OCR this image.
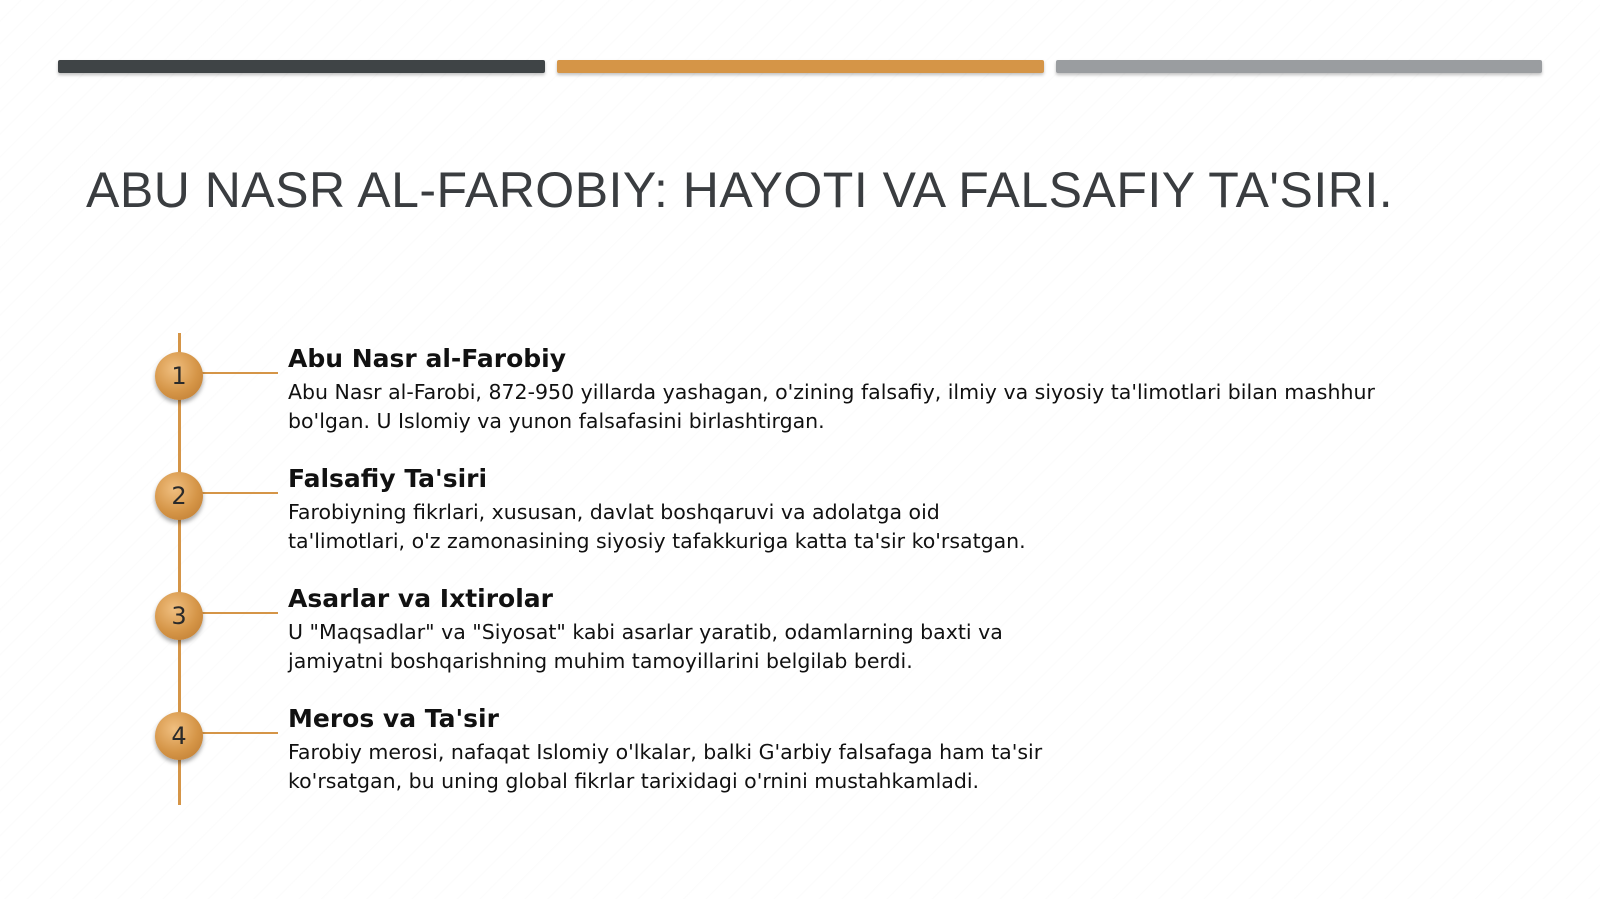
ABU NASR AL-FAROBIY: HAYOTI VA FALSAFIY TA'SIRI.
1
Abu Nasr al-Farobiy

Abu Nasr al-Farobi, 872-950 yillarda yashagan, o'zining falsafiy, ilmiy va siyosiy ta'limotlari bilan mashhur
bo'lgan. U Islomiy va yunon falsafasini birlashtirgan.

2
Falsafiy Ta'siri

Farobiyning fikrlari, xususan, davlat boshqaruvi va adolatga oid
ta'limotlari, o'z zamonasining siyosiy tafakkuriga katta ta'sir ko'rsatgan.

3
Asarlar va Ixtirolar

U "Maqsadlar" va "Siyosat" kabi asarlar yaratib, odamlarning baxti va
jamiyatni boshqarishning muhim tamoyillarini belgilab berdi.

4
Meros va Ta'sir

Farobiy merosi, nafaqat Islomiy o'lkalar, balki G'arbiy falsafaga ham ta'sir
ko'rsatgan, bu uning global fikrlar tarixidagi o'rnini mustahkamladi.
